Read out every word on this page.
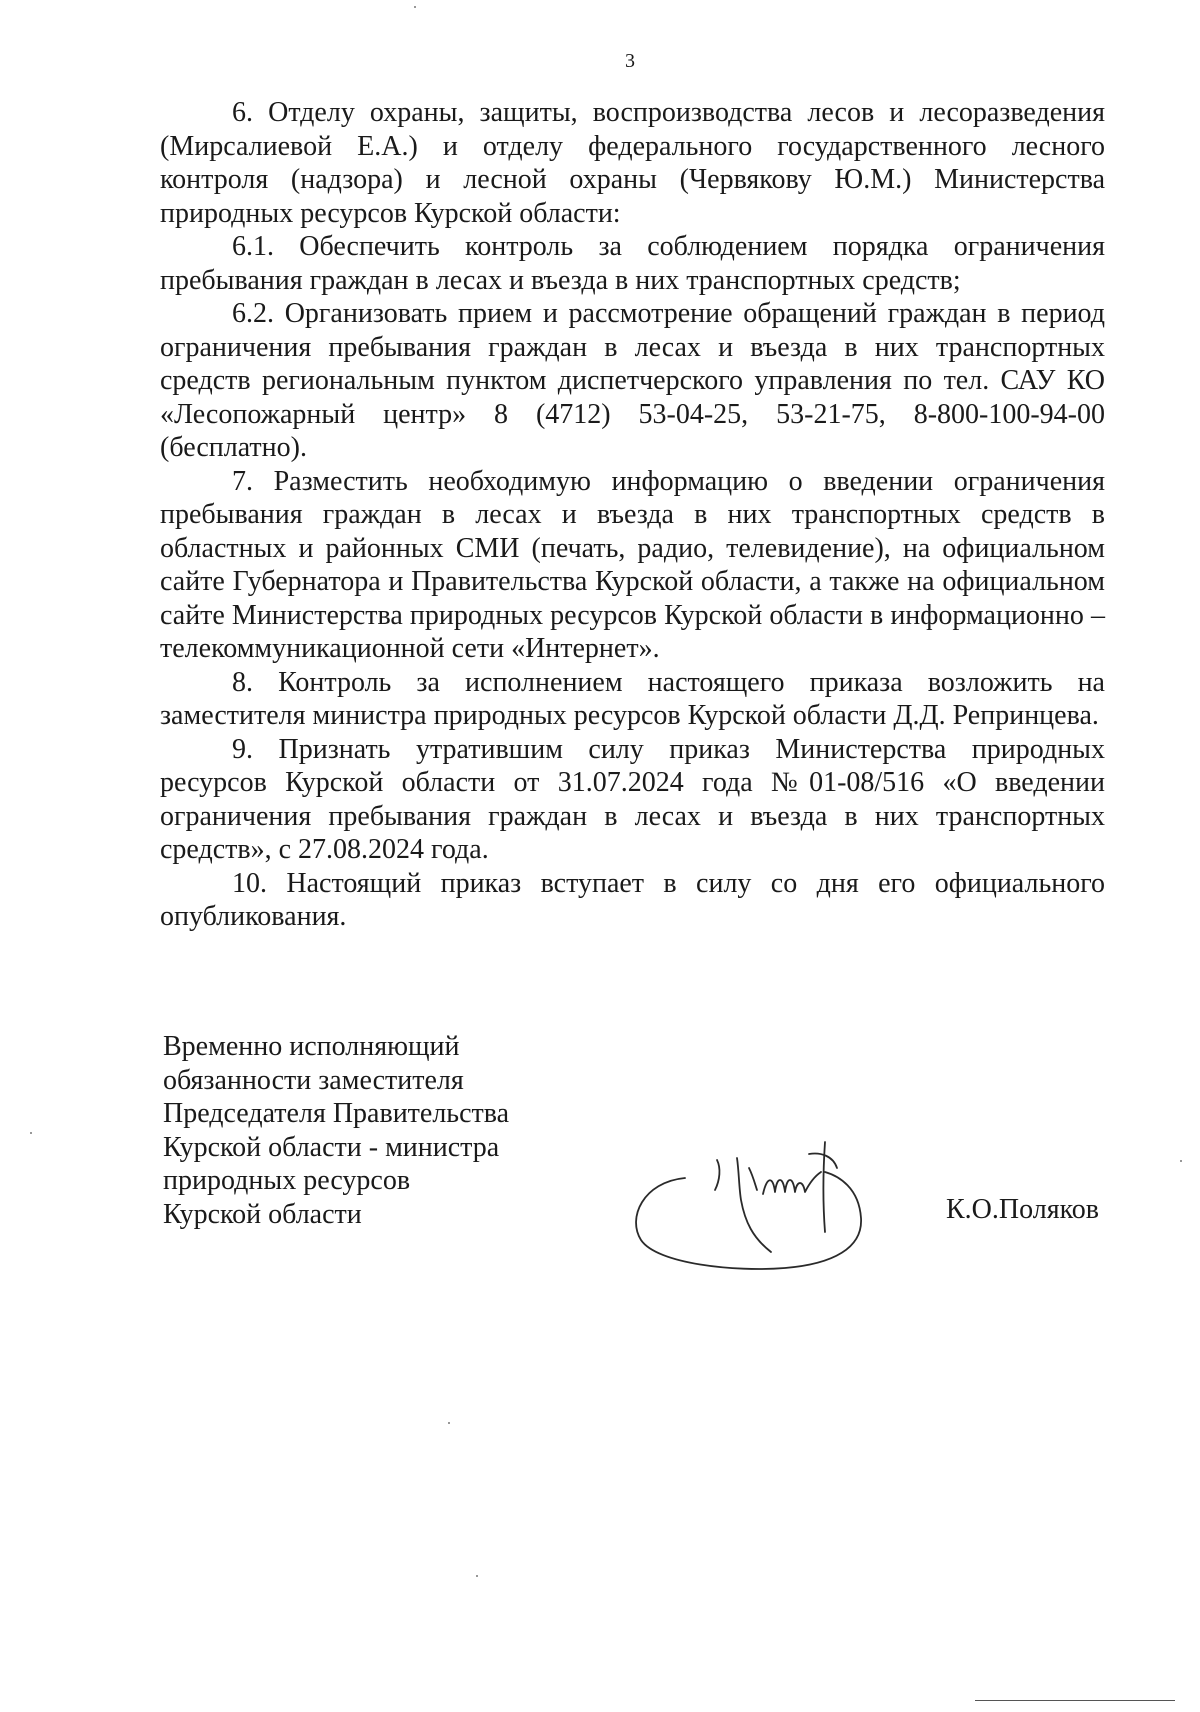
3

6. Отделу охраны, защиты, воспроизводства лесов и лесоразведения (Мирсалиевой Е.А.) и отделу федерального государственного лесного контроля (надзора) и лесной охраны (Червякову Ю.М.) Министерства природных ресурсов Курской области:

6.1. Обеспечить контроль за соблюдением порядка ограничения пребывания граждан в лесах и въезда в них транспортных средств;

6.2. Организовать прием и рассмотрение обращений граждан в период ограничения пребывания граждан в лесах и въезда в них транспортных средств региональным пунктом диспетчерского управления по тел. САУ КО «Лесопожарный центр» 8 (4712) 53-04-25, 53-21-75, 8-800-100-94-00 (бесплатно).

7. Разместить необходимую информацию о введении ограничения пребывания граждан в лесах и въезда в них транспортных средств в областных и районных СМИ (печать, радио, телевидение), на официальном сайте Губернатора и Правительства Курской области, а также на официальном сайте Министерства природных ресурсов Курской области в информационно – телекоммуникационной сети «Интернет».

8. Контроль за исполнением настоящего приказа возложить на заместителя министра природных ресурсов Курской области Д.Д. Репринцева.

9. Признать утратившим силу приказ Министерства природных ресурсов Курской области от 31.07.2024 года №01-08/516 «О введении ограничения пребывания граждан в лесах и въезда в них транспортных средств», с 27.08.2024 года.

10. Настоящий приказ вступает в силу со дня его официального опубликования.

Временно исполняющий
обязанности заместителя
Председателя Правительства
Курской области - министра
природных ресурсов
Курской области	К.О.Поляков
